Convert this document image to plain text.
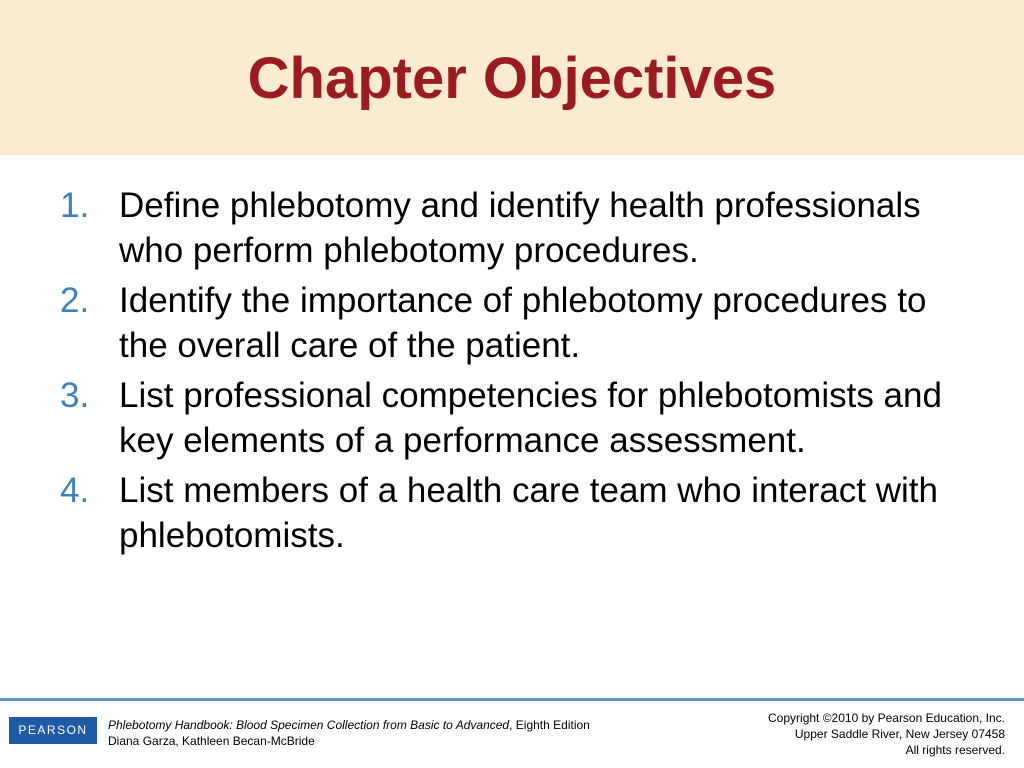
Chapter Objectives
1. Define phlebotomy and identify health professionals who perform phlebotomy procedures.
2. Identify the importance of phlebotomy procedures to the overall care of the patient.
3. List professional competencies for phlebotomists and key elements of a performance assessment.
4. List members of a health care team who interact with phlebotomists.
PEARSON	Phlebotomy Handbook: Blood Specimen Collection from Basic to Advanced, Eighth Edition
Diana Garza, Kathleen Becan-McBride
Copyright ©2010 by Pearson Education, Inc.
Upper Saddle River, New Jersey 07458
All rights reserved.
